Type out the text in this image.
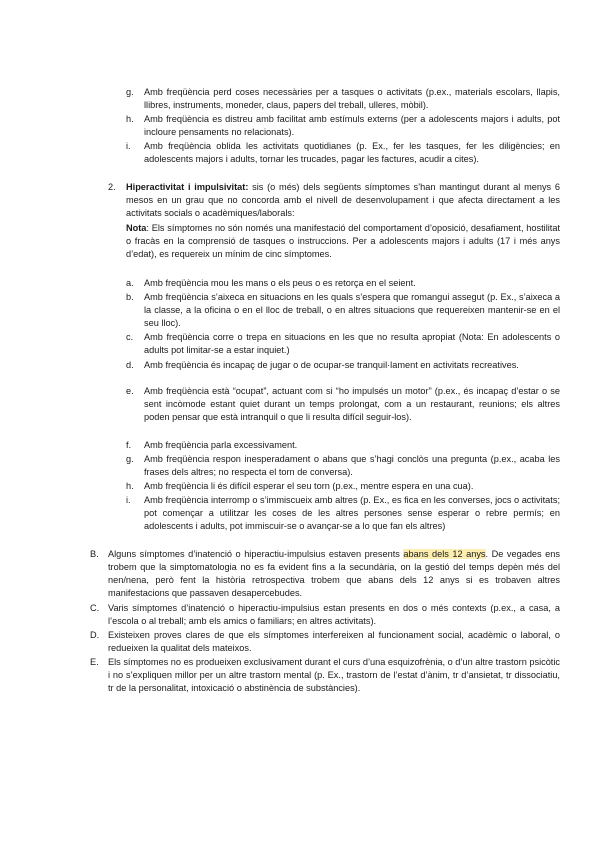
g.	Amb freqüència perd coses necessàries per a tasques o activitats (p.ex., materials escolars, llapis, llibres, instruments, moneder, claus, papers del treball, ulleres, mòbil).
h.	Amb freqüència es distreu amb facilitat amb estímuls externs (per a adolescents majors i adults, pot incloure pensaments no relacionats).
i.	Amb freqüència oblida les activitats quotidianes (p. Ex., fer les tasques, fer les diligències; en adolescents majors i adults, tornar les trucades, pagar les factures, acudir a cites).
2.	Hiperactivitat i impulsivitat: sis (o més) dels següents símptomes s’han mantingut durant al menys 6 mesos en un grau que no concorda amb el nivell de desenvolupament i que afecta directament a les activitats socials o acadèmiques/laborals:
Nota: Els símptomes no són només una manifestació del comportament d’oposició, desafiament, hostilitat o fracàs en la comprensió de tasques o instruccions. Per a adolescents majors i adults (17 i més anys d’edat), es requereix un mínim de cinc símptomes.
a.	Amb freqüència mou les mans o els peus o es retorça en el seient.
b.	Amb freqüència s’aixeca en situacions en les quals s’espera que romangui assegut (p. Ex., s’aixeca a la classe, a la oficina o en el lloc de treball, o en altres situacions que requereixen mantenir-se en el seu lloc).
c.	Amb freqüència corre o trepa en situacions en les que no resulta apropiat (Nota: En adolescents o adults pot limitar-se a estar inquiet.)
d.	Amb freqüència és incapaç de jugar o de ocupar-se tranquil·lament en activitats recreatives.
e.	Amb freqüència està “ocupat”, actuant com si “ho impulsés un motor” (p.ex., és incapaç d’estar o se sent incòmode estant quiet durant un temps prolongat, com a un restaurant, reunions; els altres poden pensar que està intranquil o que li resulta difícil seguir-los).
f.	Amb freqüència parla excessivament.
g.	Amb freqüència respon inesperadament o abans que s’hagi conclòs una pregunta (p.ex., acaba les frases dels altres; no respecta el torn de conversa).
h.	Amb freqüència li és difícil esperar el seu torn (p.ex., mentre espera en una cua).
i.	Amb freqüència interromp o s’immiscueix amb altres (p. Ex., es fica en les converses, jocs o activitats; pot començar a utilitzar les coses de les altres persones sense esperar o rebre permís; en adolescents i adults, pot immiscuir-se o avançar-se a lo que fan els altres)
B.	Alguns símptomes d’inatenció o hiperactiu-impulsius estaven presents abans dels 12 anys. De vegades ens trobem que la simptomatologia no es fa evident fins a la secundària, on la gestió del temps depèn més del nen/nena, però fent la història retrospectiva trobem que abans dels 12 anys si es trobaven altres manifestacions que passaven desapercebudes.
C. Varis símptomes d’inatenció o hiperactiu-impulsius estan presents en dos o més contexts (p.ex., a casa, a l’escola o al treball; amb els amics o familiars; en altres activitats).
D. Existeixen proves clares de que els símptomes interfereixen al funcionament social, acadèmic o laboral, o redueixen la qualitat dels mateixos.
E.	Els símptomes no es produeixen exclusivament durant el curs d’una esquizofrènia, o d’un altre trastorn psicòtic i no s’expliquen millor per un altre trastorn mental (p. Ex., trastorn de l’estat d’ànim, tr d’ansietat, tr dissociatiu, tr de la personalitat, intoxicació o abstinència de substàncies).
